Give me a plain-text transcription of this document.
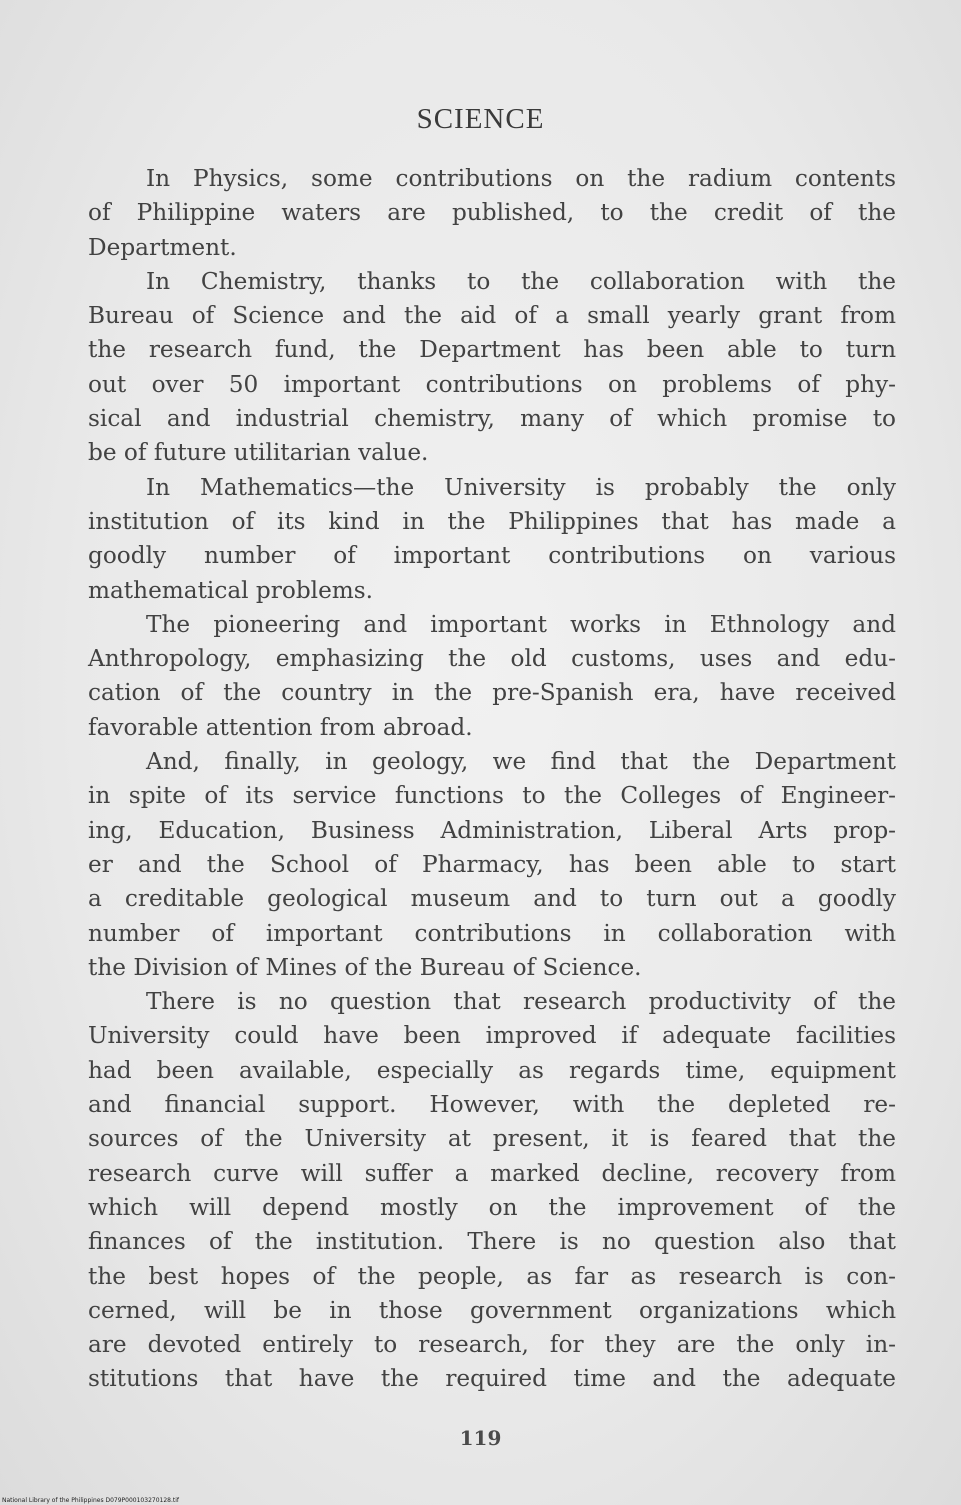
SCIENCE
In Physics, some contributions on the radium contents
of Philippine waters are published, to the credit of the
Department.
In Chemistry, thanks to the collaboration with the
Bureau of Science and the aid of a small yearly grant from
the research fund, the Department has been able to turn
out over 50 important contributions on problems of phy-
sical and industrial chemistry, many of which promise to
be of future utilitarian value.
In Mathematics—the University is probably the only
institution of its kind in the Philippines that has made a
goodly number of important contributions on various
mathematical problems.
The pioneering and important works in Ethnology and
Anthropology, emphasizing the old customs, uses and edu-
cation of the country in the pre-Spanish era, have received
favorable attention from abroad.
And, finally, in geology, we find that the Department
in spite of its service functions to the Colleges of Engineer-
ing, Education, Business Administration, Liberal Arts prop-
er and the School of Pharmacy, has been able to start
a creditable geological museum and to turn out a goodly
number of important contributions in collaboration with
the Division of Mines of the Bureau of Science.
There is no question that research productivity of the
University could have been improved if adequate facilities
had been available, especially as regards time, equipment
and financial support. However, with the depleted re-
sources of the University at present, it is feared that the
research curve will suffer a marked decline, recovery from
which will depend mostly on the improvement of the
finances of the institution. There is no question also that
the best hopes of the people, as far as research is con-
cerned, will be in those government organizations which
are devoted entirely to research, for they are the only in-
stitutions that have the required time and the adequate
119
National Library of the Philippines D079P000103270128.tif
